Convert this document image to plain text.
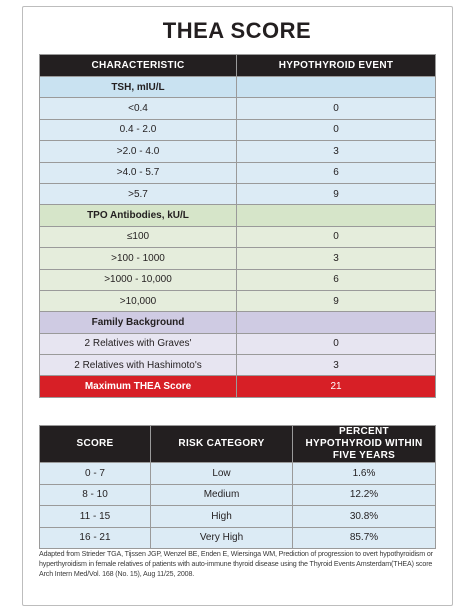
THEA SCORE
CHARACTERISTIC	HYPOTHYROID EVENT
TSH, mIU/L	
<0.4	0
0.4 - 2.0	0
>2.0 - 4.0	3
>4.0 - 5.7	6
>5.7	9
TPO Antibodies, kU/L	
≤100	0
>100 - 1000	3
>1000 - 10,000	6
>10,000	9
Family Background	
2 Relatives with Graves'	0
2 Relatives with Hashimoto's	3
Maximum THEA Score	21
SCORE	RISK CATEGORY	PERCENT HYPOTHYROID WITHIN FIVE YEARS
0 - 7	Low	1.6%
8 - 10	Medium	12.2%
11 - 15	High	30.8%
16 - 21	Very High	85.7%
Adapted from Strieder TGA, Tijssen JGP, Wenzel BE, Enden E, Wiersinga WM, Prediction of progression to overt hypothyroidism or hyperthyroidism in female relatives of patients with auto-immune thyroid disease using the Thyroid Events Amsterdam(THEA) score Arch Intern Med/Vol. 168 (No. 15), Aug 11/25, 2008.
